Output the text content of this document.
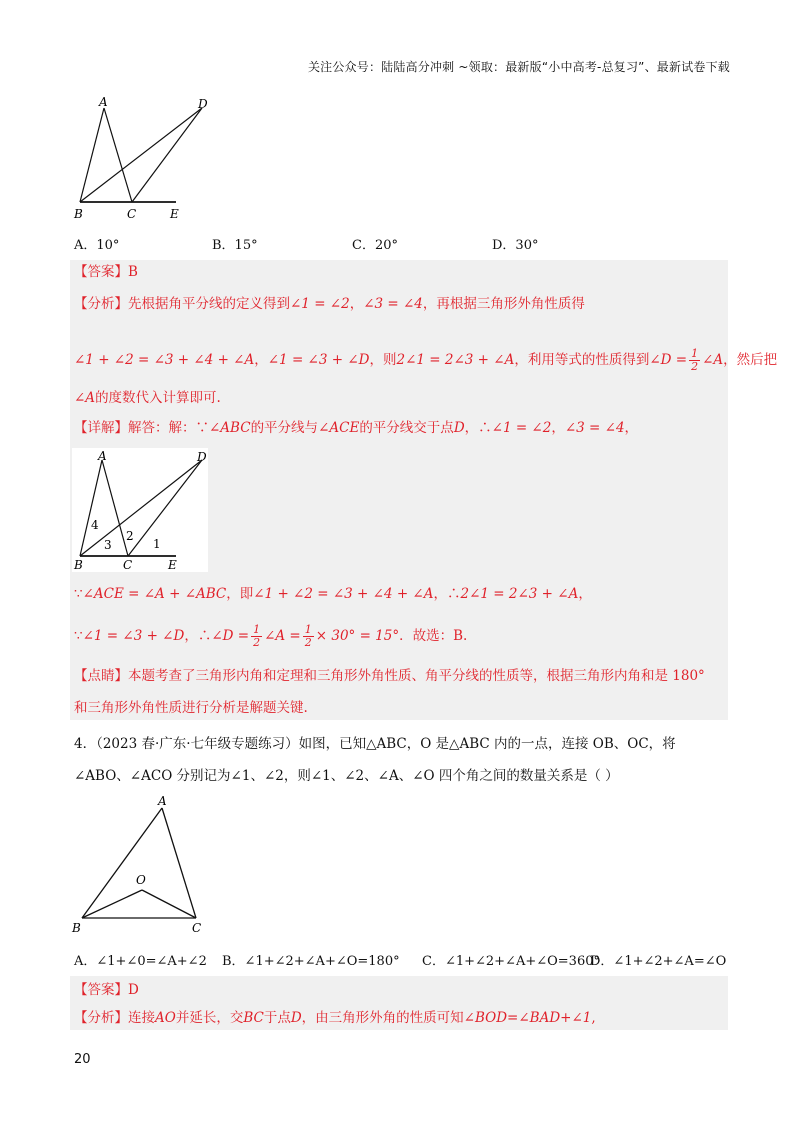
关注公众号：陆陆高分冲刺 ~领取：最新版“小中高考-总复习”、最新试卷下载
A	D
B	C	E
A．10°	B．15°	C．20°	D．30°
【答案】B
【分析】先根据角平分线的定义得到∠1 = ∠2，∠3 = ∠4，再根据三角形外角性质得
∠1 + ∠2 = ∠3 + ∠4 + ∠A，∠1 = ∠3 + ∠D，则2∠1 = 2∠3 + ∠A，利用等式的性质得到∠D = $\frac{1}{2}$ ∠A，然后把
∠A的度数代入计算即可.
【详解】解答：解：∵∠ABC的平分线与∠ACE的平分线交于点D，∴∠1 = ∠2，∠3 = ∠4，
A	D
B	C	E
4
3
2
1
∵∠ACE = ∠A + ∠ABC，即∠1 + ∠2 = ∠3 + ∠4 + ∠A，∴2∠1 = 2∠3 + ∠A，
∵∠1 = ∠3 + ∠D，∴∠D = $\frac{1}{2}$ ∠A = $\frac{1}{2} \times 30^\circ = 15^\circ$．故选：B.
【点睛】本题考查了三角形内角和定理和三角形外角性质、角平分线的性质等，根据三角形内角和是 180°
和三角形外角性质进行分析是解题关键.
4．（2023 春·广东·七年级专题练习）如图，已知△ABC，O 是△ABC 内的一点，连接 OB、OC，将
∠ABO、∠ACO 分别记为∠1、∠2，则∠1、∠2、∠A、∠O 四个角之间的数量关系是（ ）
A
O
B	C
A．∠1+∠0=∠A+∠2 B．∠1+∠2+∠A+∠O=180° C．∠1+∠2+∠A+∠O=360°
D．∠1+∠2+∠A=∠O
【答案】D
【分析】连接AO并延长，交BC于点D，由三角形外角的性质可知∠BOD=∠BAD+∠1,
20
